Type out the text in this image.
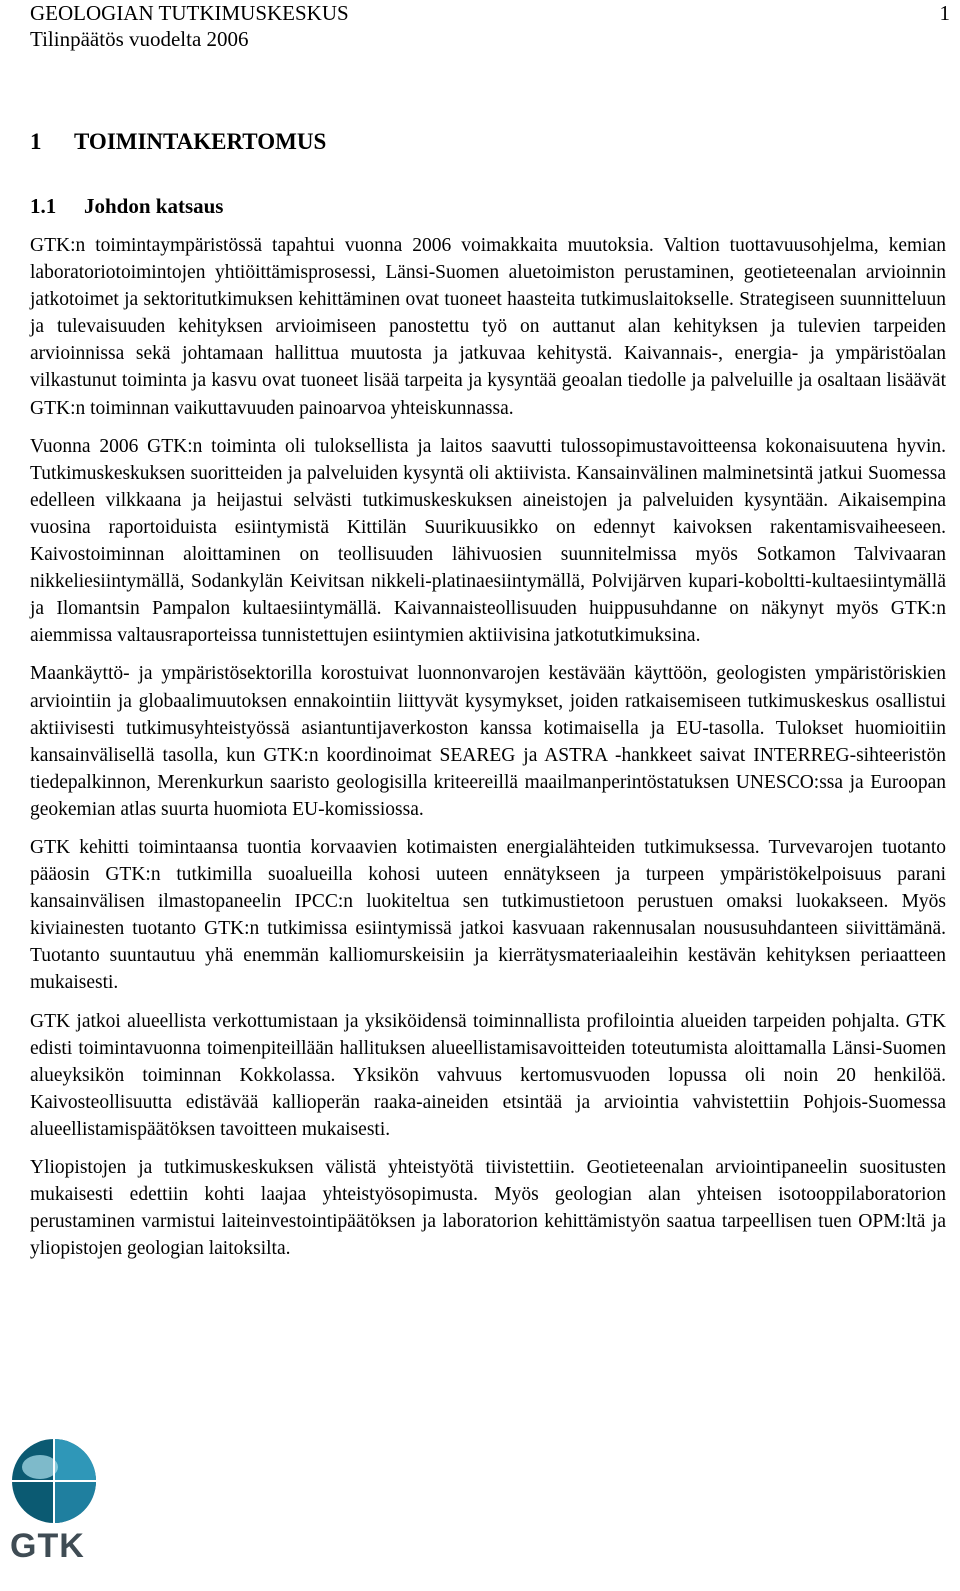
GEOLOGIAN TUTKIMUSKESKUS
Tilinpäätös vuodelta 2006
1
1 TOIMINTAKERTOMUS
1.1 Johdon katsaus

GTK:n toimintaympäristössä tapahtui vuonna 2006 voimakkaita muutoksia. Valtion tuottavuusohjelma, kemian laboratoriotoimintojen yhtiöittämisprosessi, Länsi-Suomen aluetoimiston perustaminen, geotieteenalan arvioinnin jatkotoimet ja sektoritutkimuksen kehittäminen ovat tuoneet haasteita tutkimuslaitokselle. Strategiseen suunnitteluun ja tulevaisuuden kehityksen arvioimiseen panostettu työ on auttanut alan kehityksen ja tulevien tarpeiden arvioinnissa sekä johtamaan hallittua muutosta ja jatkuvaa kehitystä. Kaivannais-, energia- ja ympäristöalan vilkastunut toiminta ja kasvu ovat tuoneet lisää tarpeita ja kysyntää geoalan tiedolle ja palveluille ja osaltaan lisäävät GTK:n toiminnan vaikuttavuuden painoarvoa yhteiskunnassa.

Vuonna 2006 GTK:n toiminta oli tuloksellista ja laitos saavutti tulossopimustavoitteensa kokonaisuutena hyvin. Tutkimuskeskuksen suoritteiden ja palveluiden kysyntä oli aktiivista. Kansainvälinen malminetsintä jatkui Suomessa edelleen vilkkaana ja heijastui selvästi tutkimuskeskuksen aineistojen ja palveluiden kysyntään. Aikaisempina vuosina raportoiduista esiintymistä Kittilän Suurikuusikko on edennyt kaivoksen rakentamisvaiheeseen. Kaivostoiminnan aloittaminen on teollisuuden lähivuosien suunnitelmissa myös Sotkamon Talvivaaran nikkeliesiintymällä, Sodankylän Keivitsan nikkeli-platinaesiintymällä, Polvijärven kupari-koboltti-kultaesiintymällä ja Ilomantsin Pampalon kultaesiintymällä. Kaivannaisteollisuuden huippusuhdanne on näkynyt myös GTK:n aiemmissa valtausraporteissa tunnistettujen esiintymien aktiivisina jatkotutkimuksina.

Maankäyttö- ja ympäristösektorilla korostuivat luonnonvarojen kestävään käyttöön, geologisten ympäristöriskien arviointiin ja globaalimuutoksen ennakointiin liittyvät kysymykset, joiden ratkaisemiseen tutkimuskeskus osallistui aktiivisesti tutkimusyhteistyössä asiantuntijaverkoston kanssa kotimaisella ja EU-tasolla. Tulokset huomioitiin kansainvälisellä tasolla, kun GTK:n koordinoimat SEAREG ja ASTRA -hankkeet saivat INTERREG-sihteeristön tiedepalkinnon, Merenkurkun saaristo geologisilla kriteereillä maailmanperintöstatuksen UNESCO:ssa ja Euroopan geokemian atlas suurta huomiota EU-komissiossa.

GTK kehitti toimintaansa tuontia korvaavien kotimaisten energialähteiden tutkimuksessa. Turvevarojen tuotanto pääosin GTK:n tutkimilla suoalueilla kohosi uuteen ennätykseen ja turpeen ympäristökelpoisuus parani kansainvälisen ilmastopaneelin IPCC:n luokiteltua sen tutkimustietoon perustuen omaksi luokakseen. Myös kiviainesten tuotanto GTK:n tutkimissa esiintymissä jatkoi kasvuaan rakennusalan noususuhdanteen siivittämänä. Tuotanto suuntautuu yhä enemmän kalliomurskeisiin ja kierrätysmateriaaleihin kestävän kehityksen periaatteen mukaisesti.

GTK jatkoi alueellista verkottumistaan ja yksiköidensä toiminnallista profilointia alueiden tarpeiden pohjalta. GTK edisti toimintavuonna toimenpiteillään hallituksen alueellistamisavoitteiden toteutumista aloittamalla Länsi-Suomen alueyksikön toiminnan Kokkolassa. Yksikön vahvuus kertomusvuoden lopussa oli noin 20 henkilöä. Kaivosteollisuutta edistävää kallioperän raaka-aineiden etsintää ja arviointia vahvistettiin Pohjois-Suomessa alueellistamispäätöksen tavoitteen mukaisesti.

Yliopistojen ja tutkimuskeskuksen välistä yhteistyötä tiivistettiin. Geotieteenalan arviointipaneelin suositusten mukaisesti edettiin kohti laajaa yhteistyösopimusta. Myös geologian alan yhteisen isotooppilaboratorion perustaminen varmistui laiteinvestointipäätöksen ja laboratorion kehittämistyön saatua tarpeellisen tuen OPM:ltä ja yliopistojen geologian laitoksilta.

GTK
